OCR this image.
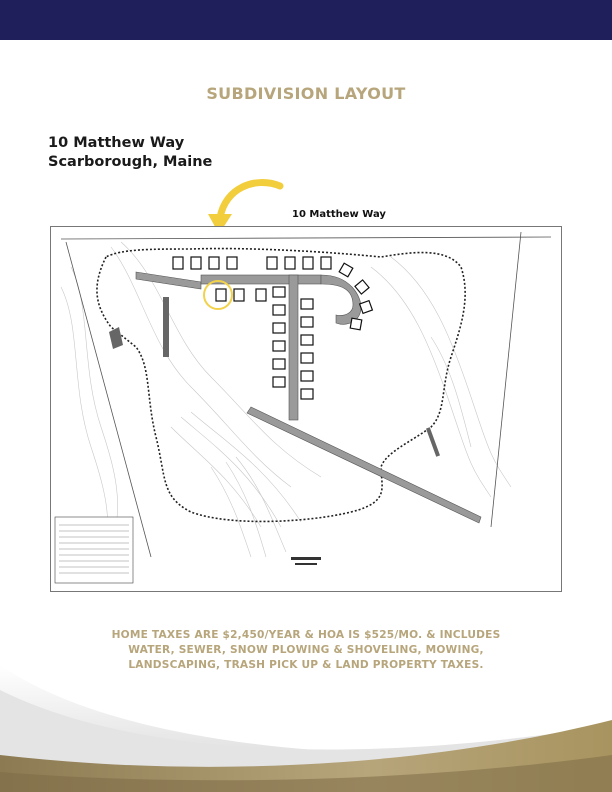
SUBDIVISION LAYOUT
10 Matthew Way
Scarborough, Maine
10 Matthew Way
HOME TAXES ARE $2,450/YEAR & HOA IS $525/MO. & INCLUDES
WATER, SEWER, SNOW PLOWING & SHOVELING, MOWING,
LANDSCAPING, TRASH PICK UP & LAND PROPERTY TAXES.
